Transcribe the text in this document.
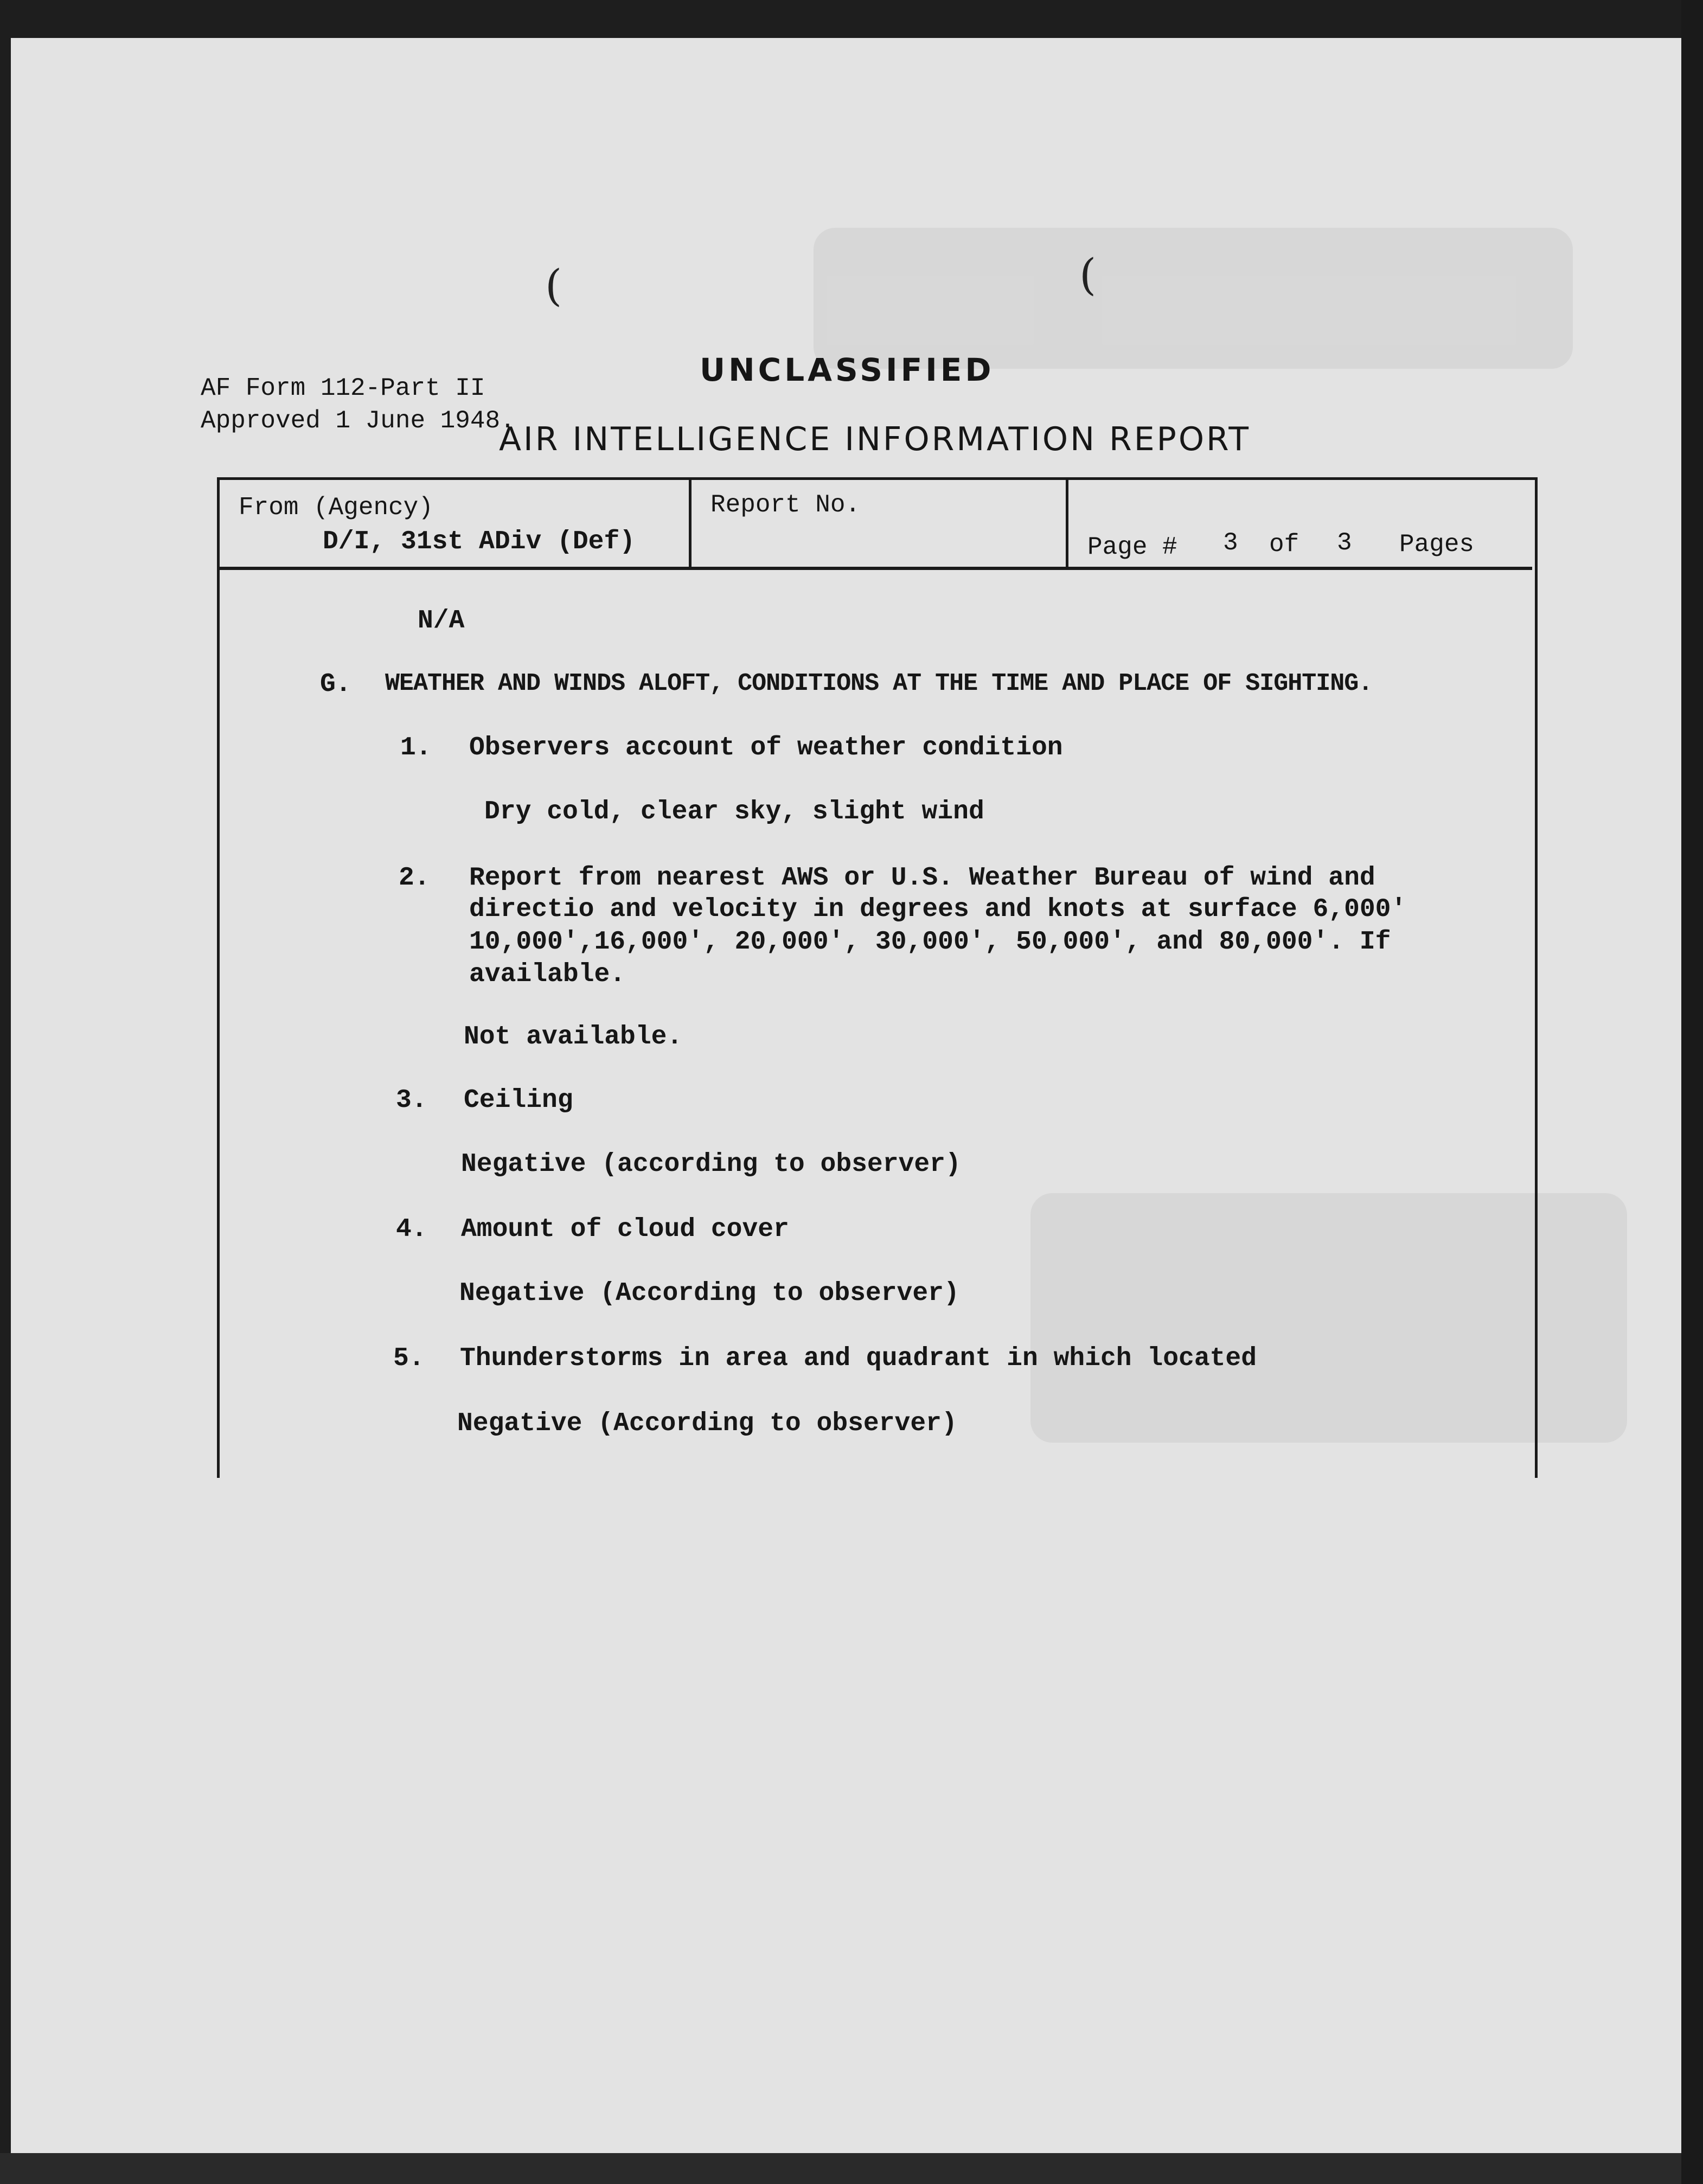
(	(
UNCLASSIFIED
AF Form 112-Part II
Approved 1 June 1948.
AIR INTELLIGENCE INFORMATION REPORT
From (Agency)
D/I, 31st ADiv (Def)
Report No.
Page # 3 of 3 Pages
N/A
G. WEATHER AND WINDS ALOFT, CONDITIONS AT THE TIME AND PLACE OF SIGHTING.
1. Observers account of weather condition
Dry cold, clear sky, slight wind
2. Report from nearest AWS or U.S. Weather Bureau of wind and
directio and velocity in degrees and knots at surface 6,000'
10,000',16,000', 20,000', 30,000', 50,000', and 80,000'. If
available.
Not available.
3. Ceiling
Negative (according to observer)
4. Amount of cloud cover
Negative (According to observer)
5. Thunderstorms in area and quadrant in which located
Negative (According to observer)
